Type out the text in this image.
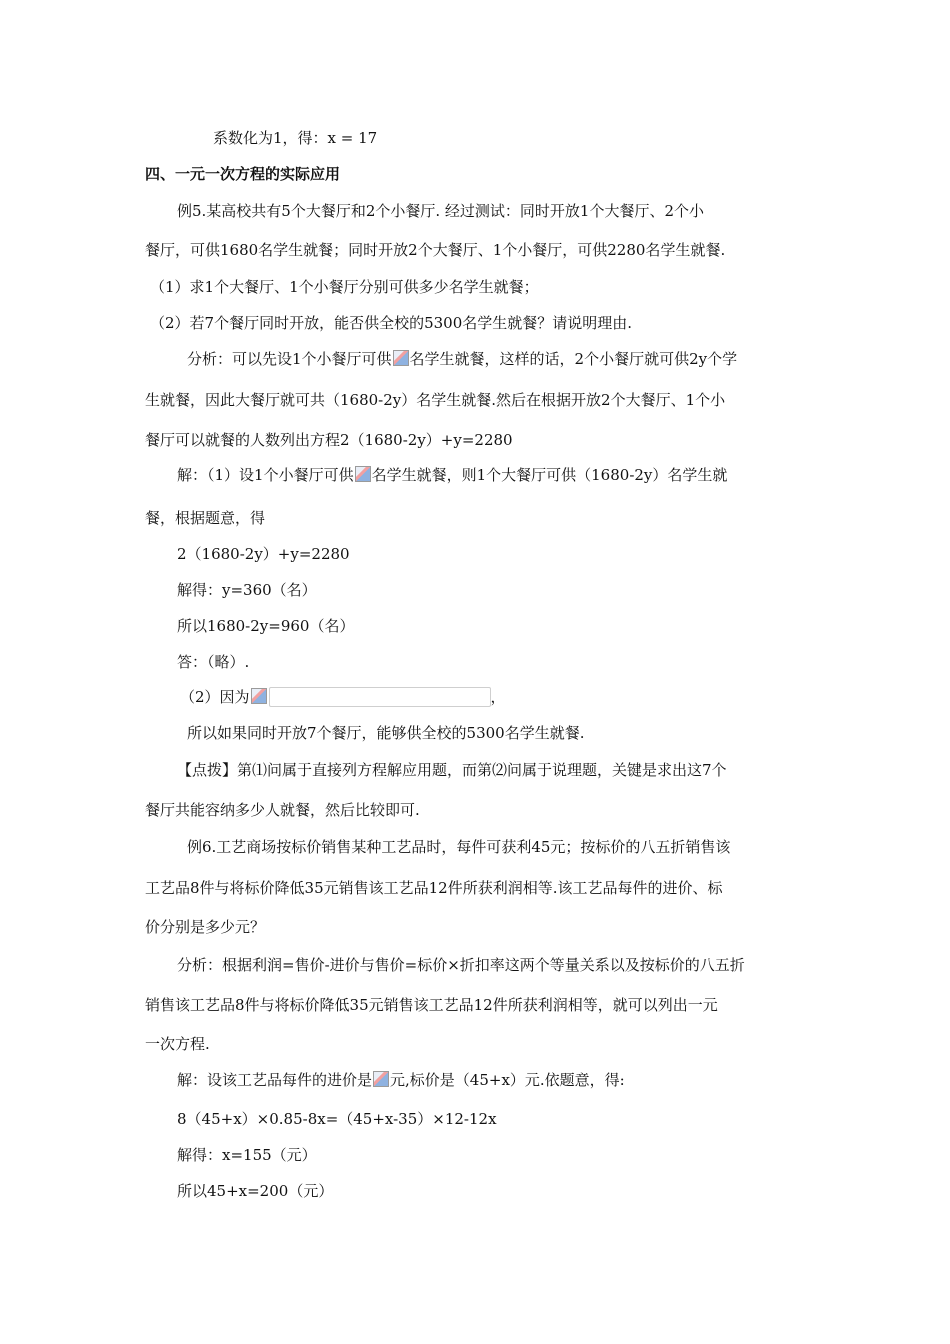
系数化为1，得：x = 17
四、一元一次方程的实际应用
例5.某高校共有5个大餐厅和2个小餐厅. 经过测试：同时开放1个大餐厅、2个小
餐厅，可供1680名学生就餐；同时开放2个大餐厅、1个小餐厅，可供2280名学生就餐.
（1）求1个大餐厅、1个小餐厅分别可供多少名学生就餐；
（2）若7个餐厅同时开放，能否供全校的5300名学生就餐？请说明理由.
分析：可以先设1个小餐厅可供 名学生就餐，这样的话，2个小餐厅就可供2y个学
生就餐，因此大餐厅就可共（1680-2y）名学生就餐.然后在根据开放2个大餐厅、1个小
餐厅可以就餐的人数列出方程2（1680-2y）+y=2280
解：（1）设1个小餐厅可供 名学生就餐，则1个大餐厅可供（1680-2y）名学生就
餐，根据题意，得
2（1680-2y）+y=2280
解得：y=360（名）
所以1680-2y=960（名）
答：（略）.
（2）因为	，
所以如果同时开放7个餐厅，能够供全校的5300名学生就餐.
【点拨】第⑴问属于直接列方程解应用题，而第⑵问属于说理题，关键是求出这7个
餐厅共能容纳多少人就餐，然后比较即可.
例6.工艺商场按标价销售某种工艺品时，每件可获利45元；按标价的八五折销售该
工艺品8件与将标价降低35元销售该工艺品12件所获利润相等.该工艺品每件的进价、标
价分别是多少元？
分析：根据利润=售价-进价与售价=标价×折扣率这两个等量关系以及按标价的八五折
销售该工艺品8件与将标价降低35元销售该工艺品12件所获利润相等，就可以列出一元
一次方程.
解：设该工艺品每件的进价是 元,标价是（45+x）元.依题意，得:
8（45+x）×0.85-8x=（45+x-35）×12-12x
解得：x=155（元）
所以45+x=200（元）
